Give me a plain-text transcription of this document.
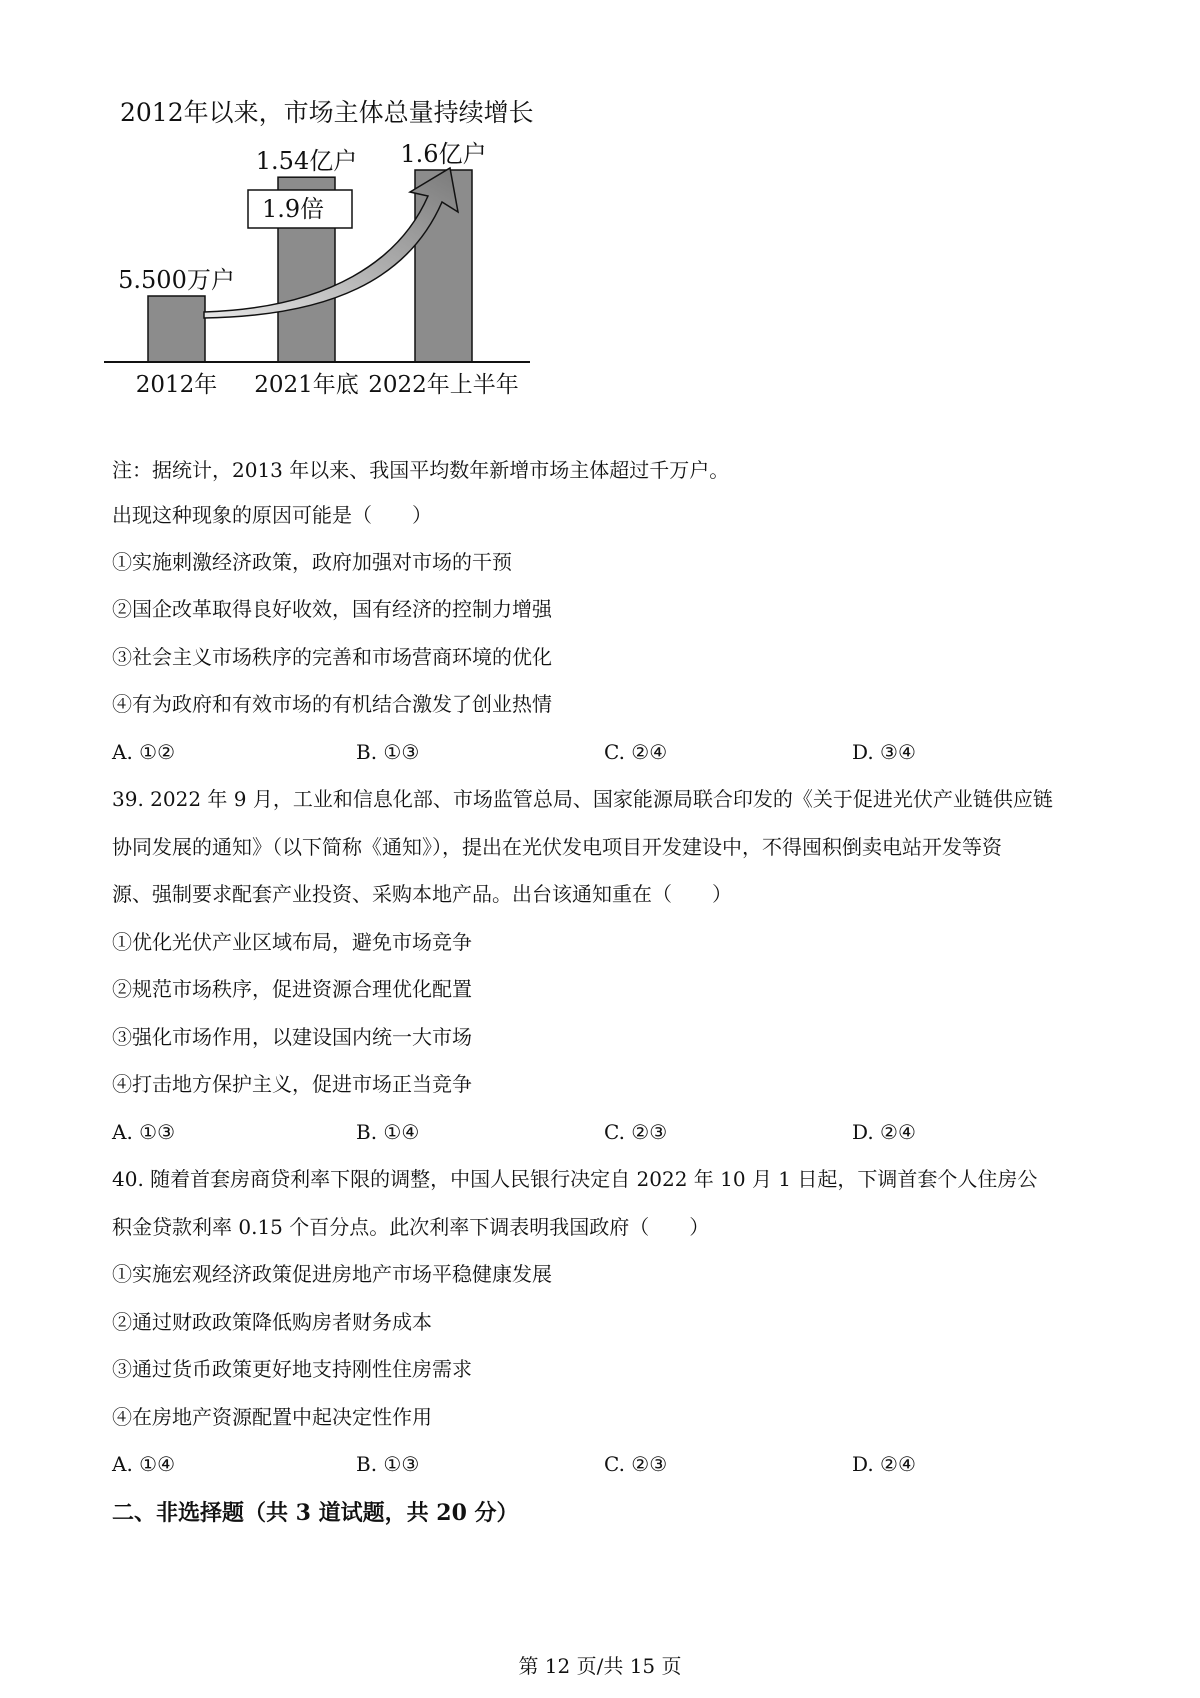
2012年以来，市场主体总量持续增长
1.9倍
2012年 2021年底 2022年上半年
5.500万户
1.54亿户 1.6亿户
注：据统计，2013 年以来、我国平均数年新增市场主体超过千万户。
出现这种现象的原因可能是（　　）
①实施刺激经济政策，政府加强对市场的干预
②国企改革取得良好收效，国有经济的控制力增强
③社会主义市场秩序的完善和市场营商环境的优化
④有为政府和有效市场的有机结合激发了创业热情
A. ①②	B. ①③	C. ②④	D. ③④
39. 2022 年 9 月，工业和信息化部、市场监管总局、国家能源局联合印发的《关于促进光伏产业链供应链
协同发展的通知》（以下简称《通知》），提出在光伏发电项目开发建设中，不得囤积倒卖电站开发等资
源、强制要求配套产业投资、采购本地产品。出台该通知重在（　　）
①优化光伏产业区域布局，避免市场竞争
②规范市场秩序，促进资源合理优化配置
③强化市场作用，以建设国内统一大市场
④打击地方保护主义，促进市场正当竞争
A. ①③	B. ①④	C. ②③	D. ②④
40. 随着首套房商贷利率下限的调整，中国人民银行决定自 2022 年 10 月 1 日起，下调首套个人住房公
积金贷款利率 0.15 个百分点。此次利率下调表明我国政府（　　）
①实施宏观经济政策促进房地产市场平稳健康发展
②通过财政政策降低购房者财务成本
③通过货币政策更好地支持刚性住房需求
④在房地产资源配置中起决定性作用
A. ①④	B. ①③	C. ②③	D. ②④
二、非选择题（共 3 道试题，共 20 分）
第 12 页/共 15 页
